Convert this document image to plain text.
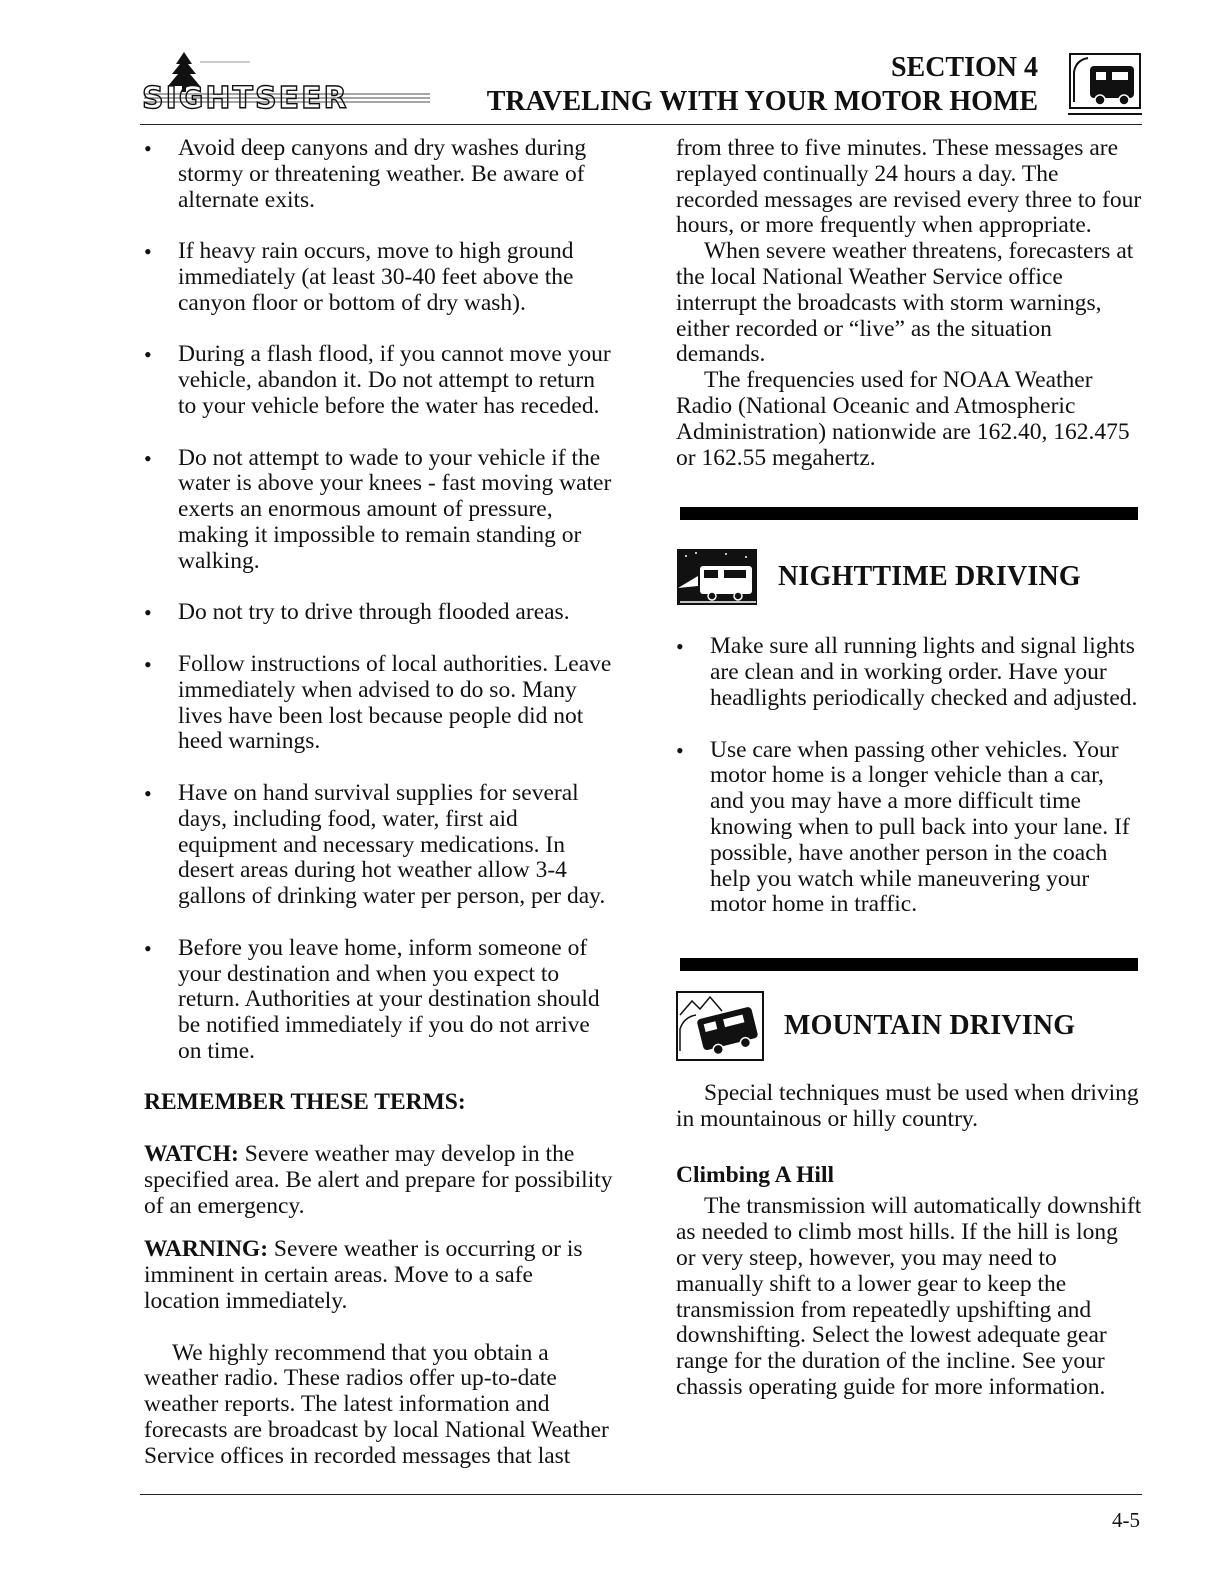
SIGHTSEER
SECTION 4
TRAVELING WITH YOUR MOTOR HOME
• Avoid deep canyons and dry washes during stormy or threatening weather. Be aware of alternate exits.
• If heavy rain occurs, move to high ground immediately (at least 30-40 feet above the canyon floor or bottom of dry wash).
• During a flash flood, if you cannot move your vehicle, abandon it. Do not attempt to return to your vehicle before the water has receded.
• Do not attempt to wade to your vehicle if the water is above your knees - fast moving water exerts an enormous amount of pressure, making it impossible to remain standing or walking.
• Do not try to drive through flooded areas.
• Follow instructions of local authorities. Leave immediately when advised to do so. Many lives have been lost because people did not heed warnings.
• Have on hand survival supplies for several days, including food, water, first aid equipment and necessary medications. In desert areas during hot weather allow 3-4 gallons of drinking water per person, per day.
• Before you leave home, inform someone of your destination and when you expect to return. Authorities at your destination should be notified immediately if you do not arrive on time.

REMEMBER THESE TERMS:

WATCH: Severe weather may develop in the specified area. Be alert and prepare for possibility of an emergency.

WARNING: Severe weather is occurring or is imminent in certain areas. Move to a safe location immediately.

We highly recommend that you obtain a weather radio. These radios offer up-to-date weather reports. The latest information and forecasts are broadcast by local National Weather Service offices in recorded messages that last

from three to five minutes. These messages are replayed continually 24 hours a day. The recorded messages are revised every three to four hours, or more frequently when appropriate.

When severe weather threatens, forecasters at the local National Weather Service office interrupt the broadcasts with storm warnings, either recorded or “live” as the situation demands.

The frequencies used for NOAA Weather Radio (National Oceanic and Atmospheric Administration) nationwide are 162.40, 162.475 or 162.55 megahertz.

NIGHTTIME DRIVING
• Make sure all running lights and signal lights are clean and in working order. Have your headlights periodically checked and adjusted.
• Use care when passing other vehicles. Your motor home is a longer vehicle than a car, and you may have a more difficult time knowing when to pull back into your lane. If possible, have another person in the coach help you watch while maneuvering your motor home in traffic.
MOUNTAIN DRIVING

Special techniques must be used when driving in mountainous or hilly country.

Climbing A Hill

The transmission will automatically downshift as needed to climb most hills. If the hill is long or very steep, however, you may need to manually shift to a lower gear to keep the transmission from repeatedly upshifting and downshifting. Select the lowest adequate gear range for the duration of the incline. See your chassis operating guide for more information.

4-5
